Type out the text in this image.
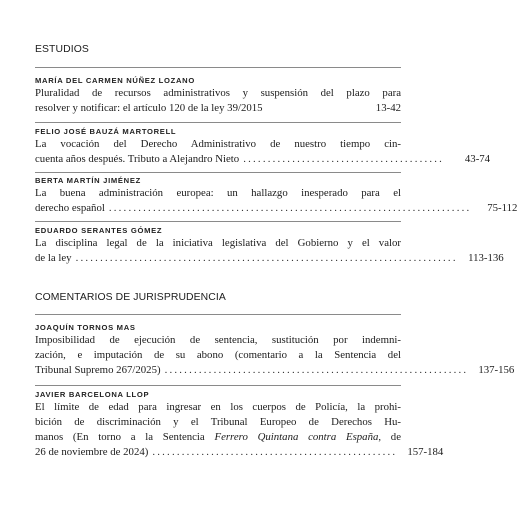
ESTUDIOS
MARÍA DEL CARMEN NÚÑEZ LOZANO
Pluralidad de recursos administrativos y suspensión del plazo para
resolver y notificar: el artículo 120 de la ley 39/2015	13-42
FELIO JOSÉ BAUZÁ MARTORELL
La vocación del Derecho Administrativo de nuestro tiempo cin-
cuenta años después. Tributo a Alejandro Nieto .........................................	43-74
BERTA MARTÍN JIMÉNEZ
La buena administración europea: un hallazgo inesperado para el
derecho español ..........................................................................	75-112
EDUARDO SERANTES GÓMEZ
La disciplina legal de la iniciativa legislativa del Gobierno y el valor
de la ley .............................................................................. 113-136
COMENTARIOS DE JURISPRUDENCIA
JOAQUÍN TORNOS MAS
Imposibilidad de ejecución de sentencia, sustitución por indemni-
zación, e imputación de su abono (comentario a la Sentencia del
Tribunal Supremo 267/2025) .............................................................. 137-156
JAVIER BARCELONA LLOP
El límite de edad para ingresar en los cuerpos de Policía, la prohi-
bición de discriminación y el Tribunal Europeo de Derechos Hu-
manos (En torno a la Sentencia Ferrero Quintana contra España, de
26 de noviembre de 2024) .................................................. 157-184
